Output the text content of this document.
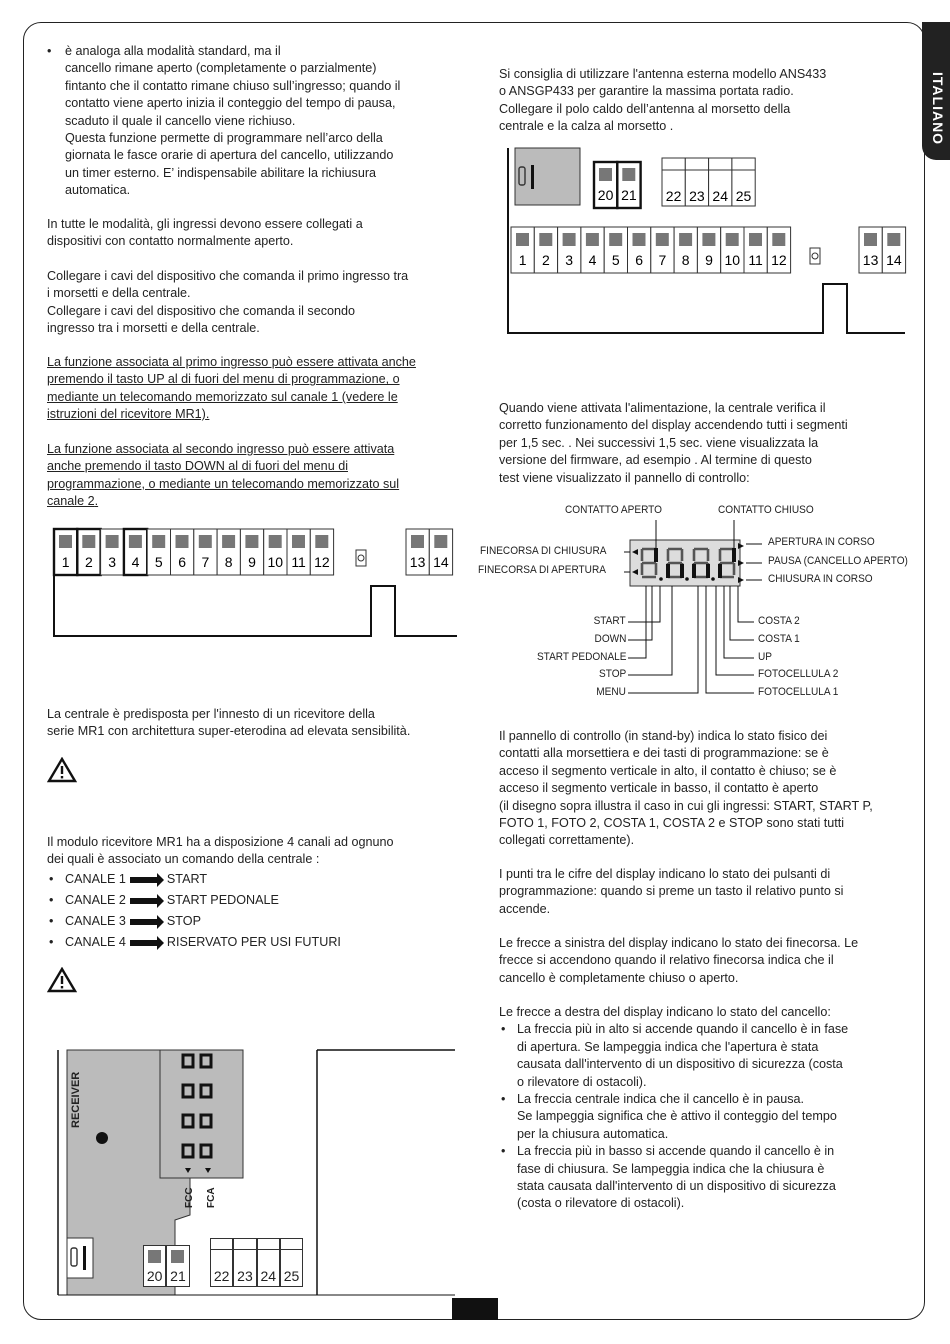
ITALIANO
• è analoga alla modalità standard, ma il
cancello rimane aperto (completamente o parzialmente)
fintanto che il contatto rimane chiuso sull’ingresso; quando il
contatto viene aperto inizia il conteggio del tempo di pausa,
scaduto il quale il cancello viene richiuso.
Questa funzione permette di programmare nell’arco della
giornata le fasce orarie di apertura del cancello, utilizzando
un timer esterno. E’ indispensabile abilitare la richiusura
automatica.
In tutte le modalità, gli ingressi devono essere collegati a
dispositivi con contatto normalmente aperto.
Collegare i cavi del dispositivo che comanda il primo ingresso tra
i morsetti e della centrale.
Collegare i cavi del dispositivo che comanda il secondo
ingresso tra i morsetti e della centrale.
La funzione associata al primo ingresso può essere attivata anche
premendo il tasto UP al di fuori del menu di programmazione, o
mediante un telecomando memorizzato sul canale 1 (vedere le
istruzioni del ricevitore MR1).
La funzione associata al secondo ingresso può essere attivata
anche premendo il tasto DOWN al di fuori del menu di
programmazione, o mediante un telecomando memorizzato sul
canale 2.
1 2 3 4 5 6 7 8 9 10 11 12	13 14
La centrale è predisposta per l'innesto di un ricevitore della
serie MR1 con architettura super-eterodina ad elevata sensibilità.
Il modulo ricevitore MR1 ha a disposizione 4 canali ad ognuno
dei quali è associato un comando della centrale :
• CANALE 1	START
• CANALE 2	START PEDONALE
• CANALE 3	STOP
• CANALE 4	RISERVATO PER USI FUTURI
RECEIVER
FCC FCA
20 21 22 23 24 25
Si consiglia di utilizzare l'antenna esterna modello ANS433
o ANSGP433 per garantire la massima portata radio.
Collegare il polo caldo dell’antenna al morsetto della
centrale e la calza al morsetto .
20 21 22 23 24 25
1 2 3 4 5 6 7 8 9 10 11 12	13 14
Quando viene attivata l'alimentazione, la centrale verifica il
corretto funzionamento del display accendendo tutti i segmenti
per 1,5 sec. . Nei successivi 1,5 sec. viene visualizzata la
versione del firmware, ad esempio . Al termine di questo
test viene visualizzato il pannello di controllo:
CONTATTO APERTO	CONTATTO CHIUSO
FINECORSA DI CHIUSURA
FINECORSA DI APERTURA
APERTURA IN CORSO
PAUSA (CANCELLO APERTO)
CHIUSURA IN CORSO
START
DOWN
START PEDONALE
STOP
MENU
COSTA 2
COSTA 1
UP
FOTOCELLULA 2
FOTOCELLULA 1
Il pannello di controllo (in stand-by) indica lo stato fisico dei
contatti alla morsettiera e dei tasti di programmazione: se è
acceso il segmento verticale in alto, il contatto è chiuso; se è
acceso il segmento verticale in basso, il contatto è aperto
(il disegno sopra illustra il caso in cui gli ingressi: START, START P,
FOTO 1, FOTO 2, COSTA 1, COSTA 2 e STOP sono stati tutti
collegati correttamente).
I punti tra le cifre del display indicano lo stato dei pulsanti di
programmazione: quando si preme un tasto il relativo punto si
accende.
Le frecce a sinistra del display indicano lo stato dei finecorsa. Le
frecce si accendono quando il relativo finecorsa indica che il
cancello è completamente chiuso o aperto.
Le frecce a destra del display indicano lo stato del cancello:
• La freccia più in alto si accende quando il cancello è in fase
di apertura. Se lampeggia indica che l'apertura è stata
causata dall'intervento di un dispositivo di sicurezza (costa
o rilevatore di ostacoli).
• La freccia centrale indica che il cancello è in pausa.
Se lampeggia significa che è attivo il conteggio del tempo
per la chiusura automatica.
• La freccia più in basso si accende quando il cancello è in
fase di chiusura. Se lampeggia indica che la chiusura è
stata causata dall'intervento di un dispositivo di sicurezza
(costa o rilevatore di ostacoli).
